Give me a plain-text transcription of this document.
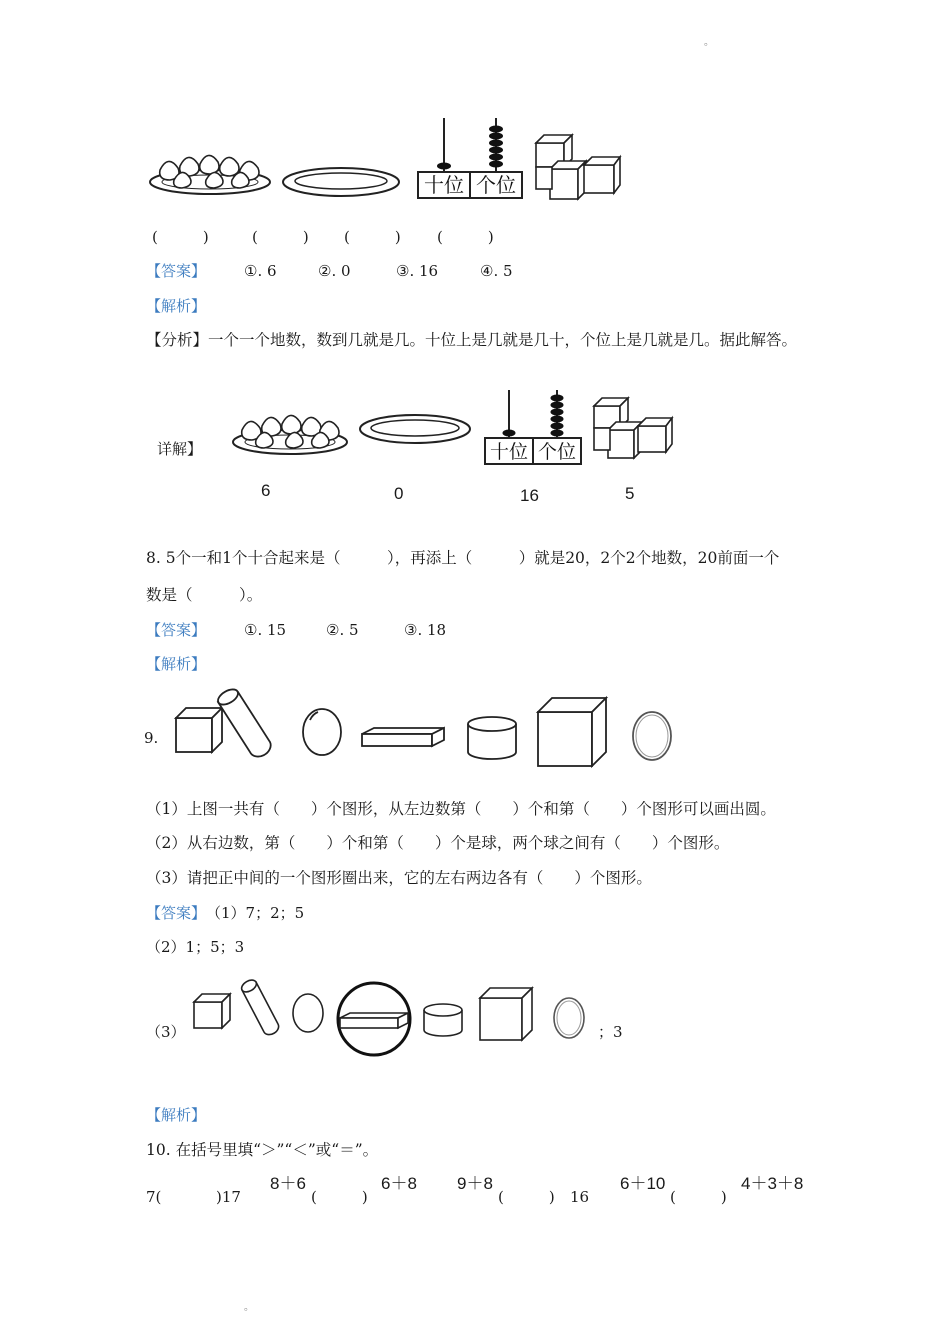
。
。
十位 个位
(　　　)	(　　　) (　　　) (　　　)
【答案】	①. 6	②. 0	③. 16	④. 5
【解析】
【分析】一个一个地数，数到几就是几。十位上是几就是几十，个位上是几就是几。据此解答。
详解】	十位 个位
6	0	16	5
8. 5个一和1个十合起来是（　　　），再添上（　　　）就是20，2个2个地数，20前面一个
数是（　　　）。
【答案】	①. 15	②. 5	③. 18
【解析】
9.
（1）上图一共有（　　）个图形，从左边数第（　　）个和第（　　）个图形可以画出圆。
（2）从右边数，第（　　）个和第（　　）个是球，两个球之间有（　　）个图形。
（3）请把正中间的一个图形圈出来，它的左右两边各有（　　）个图形。
【答案】 （1）7；2；5
（2）1；5；3
（3）	；3
【解析】
10. 在括号里填“＞”“＜”或“＝”。
7(	)17
8＋6
(　　　)
6＋8 9＋8
(　　　) 16
6＋10
(　　　)
4＋3＋8
